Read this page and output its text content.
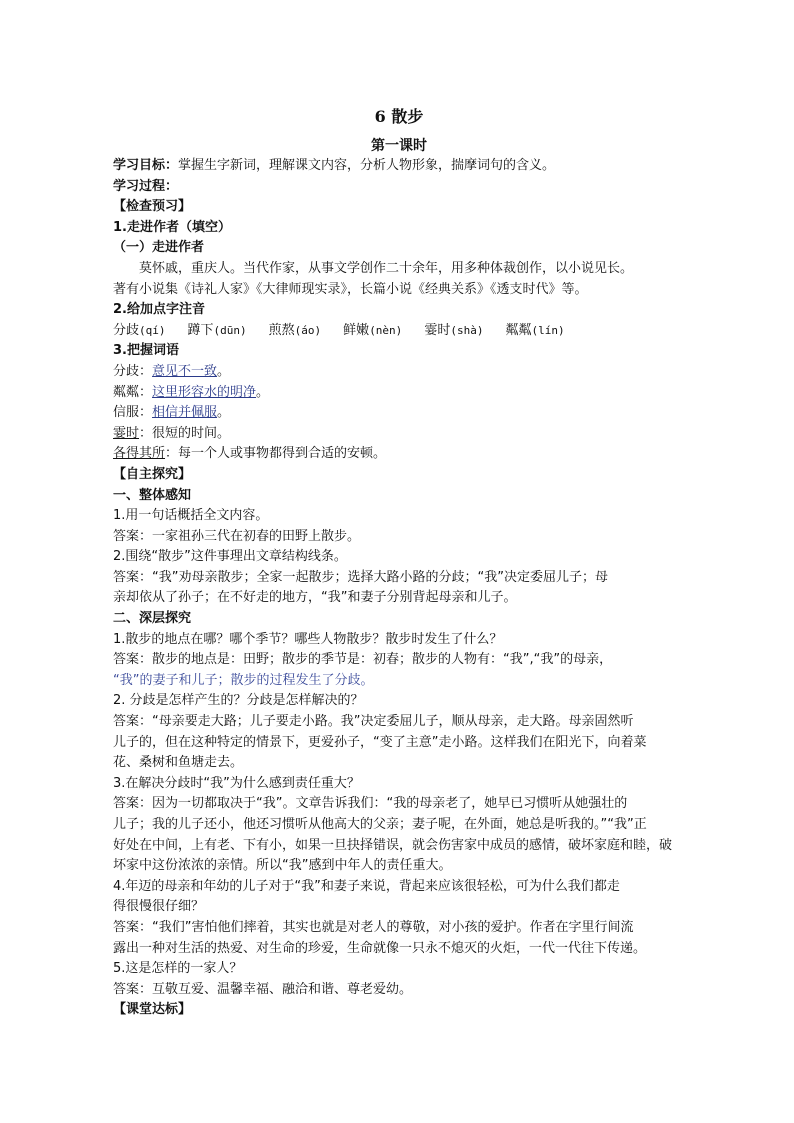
6 散步
第一课时
学习目标：掌握生字新词，理解课文内容，分析人物形象，揣摩词句的含义。
学习过程：
【检查预习】
1.走进作者（填空）
（一）走进作者
莫怀戚，重庆人。当代作家，从事文学创作二十余年，用多种体裁创作，以小说见长。
著有小说集《诗礼人家》《大律师现实录》，长篇小说《经典关系》《透支时代》等。
2.给加点字注音
分歧(qí) 蹲下(dūn) 煎熬(áo) 鲜嫩(nèn) 霎时(shà) 粼粼(lín)
3.把握词语
分歧：意见不一致。
粼粼：这里形容水的明净。
信服：相信并佩服。
霎时：很短的时间。
各得其所：每一个人或事物都得到合适的安顿。
【自主探究】
一、整体感知
1.用一句话概括全文内容。
答案：一家祖孙三代在初春的田野上散步。
2.围绕“散步”这件事理出文章结构线条。
答案：“我”劝母亲散步；全家一起散步；选择大路小路的分歧；“我”决定委屈儿子；母
亲却依从了孙子；在不好走的地方，“我”和妻子分别背起母亲和儿子。
二、深层探究
1.散步的地点在哪？哪个季节？哪些人物散步？散步时发生了什么？
答案：散步的地点是：田野；散步的季节是：初春；散步的人物有：“我”,“我”的母亲，
“我”的妻子和儿子；散步的过程发生了分歧。
2. 分歧是怎样产生的？分歧是怎样解决的？
答案：“母亲要走大路；儿子要走小路。我”决定委屈儿子，顺从母亲，走大路。母亲固然听
儿子的，但在这种特定的情景下，更爱孙子，“变了主意”走小路。这样我们在阳光下，向着菜
花、桑树和鱼塘走去。
3.在解决分歧时“我”为什么感到责任重大？
答案：因为一切都取决于“我”。文章告诉我们：“我的母亲老了，她早已习惯听从她强壮的
儿子；我的儿子还小，他还习惯听从他高大的父亲；妻子呢，在外面，她总是听我的。”“我”正
好处在中间，上有老、下有小，如果一旦抉择错误，就会伤害家中成员的感情，破坏家庭和睦，破
坏家中这份浓浓的亲情。所以“我”感到中年人的责任重大。
4.年迈的母亲和年幼的儿子对于“我”和妻子来说，背起来应该很轻松，可为什么我们都走
得很慢很仔细？
答案：“我们”害怕他们摔着，其实也就是对老人的尊敬，对小孩的爱护。作者在字里行间流
露出一种对生活的热爱、对生命的珍爱，生命就像一只永不熄灭的火炬，一代一代往下传递。
5.这是怎样的一家人？
答案：互敬互爱、温馨幸福、融洽和谐、尊老爱幼。
【课堂达标】
